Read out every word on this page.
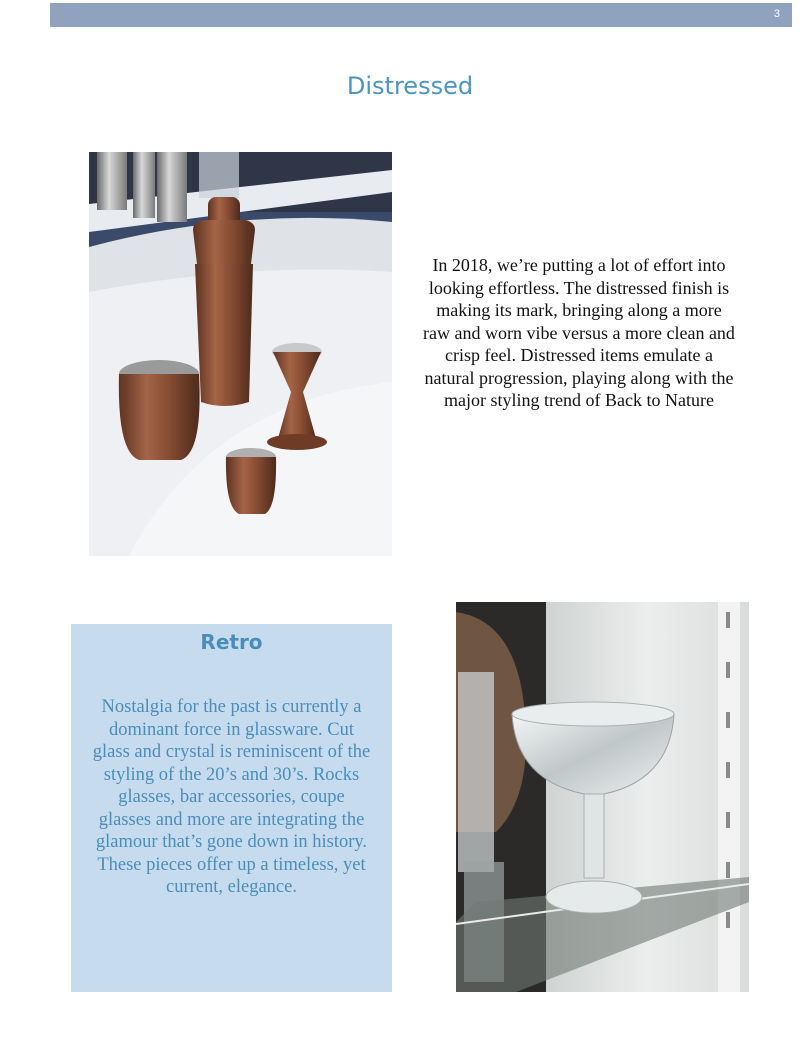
3
Distressed

In 2018, we’re putting a lot of effort into looking effortless. The distressed finish is making its mark, bringing along a more raw and worn vibe versus a more clean and crisp feel. Distressed items emulate a natural progression, playing along with the major styling trend of Back to Nature

Retro

Nostalgia for the past is currently a dominant force in glassware. Cut glass and crystal is reminiscent of the styling of the 20’s and 30’s. Rocks glasses, bar accessories, coupe glasses and more are integrating the glamour that’s gone down in history. These pieces offer up a timeless, yet current, elegance.
